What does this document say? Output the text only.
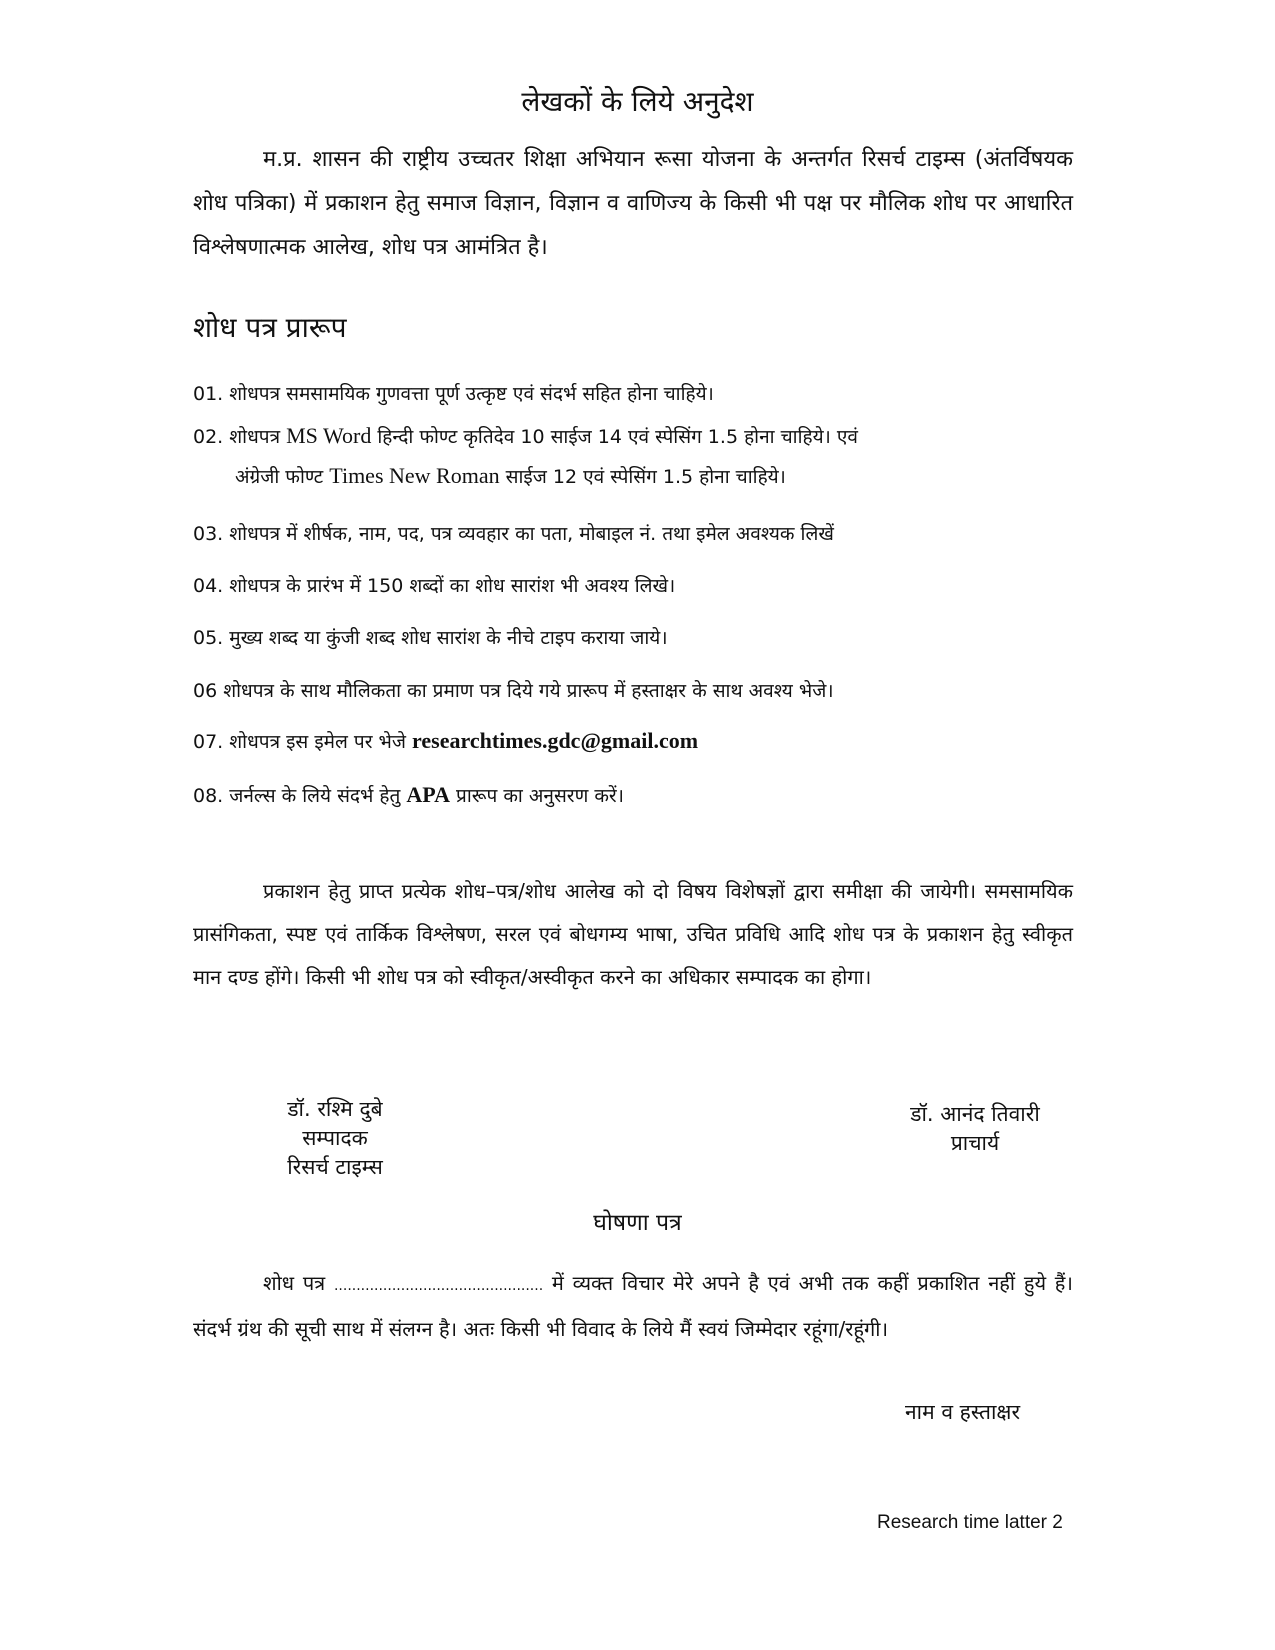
लेखकों के लिये अनुदेश
म.प्र. शासन की राष्ट्रीय उच्चतर शिक्षा अभियान रूसा योजना के अन्तर्गत रिसर्च टाइम्स (अंतर्विषयक शोध पत्रिका) में प्रकाशन हेतु समाज विज्ञान, विज्ञान व वाणिज्य के किसी भी पक्ष पर मौलिक शोध पर आधारित विश्लेषणात्मक आलेख, शोध पत्र आमंत्रित है।
शोध पत्र प्रारूप
01. शोधपत्र समसामयिक गुणवत्ता पूर्ण उत्कृष्ट एवं संदर्भ सहित होना चाहिये।
02. शोधपत्र MS Word हिन्दी फोण्ट कृतिदेव 10 साईज 14 एवं स्पेसिंग 1.5 होना चाहिये। एवं
अंग्रेजी फोण्ट Times New Roman साईज 12 एवं स्पेसिंग 1.5 होना चाहिये।
03. शोधपत्र में शीर्षक, नाम, पद, पत्र व्यवहार का पता, मोबाइल नं. तथा इमेल अवश्यक लिखें
04. शोधपत्र के प्रारंभ में 150 शब्दों का शोध सारांश भी अवश्य लिखे।
05. मुख्य शब्द या कुंजी शब्द शोध सारांश के नीचे टाइप कराया जाये।
06 शोधपत्र के साथ मौलिकता का प्रमाण पत्र दिये गये प्रारूप में हस्ताक्षर के साथ अवश्य भेजे।
07. शोधपत्र इस इमेल पर भेजे researchtimes.gdc@gmail.com
08. जर्नल्स के लिये संदर्भ हेतु APA प्रारूप का अनुसरण करें।
प्रकाशन हेतु प्राप्त प्रत्येक शोध–पत्र/शोध आलेख को दो विषय विशेषज्ञों द्वारा समीक्षा की जायेगी। समसामयिक प्रासंगिकता, स्पष्ट एवं तार्किक विश्लेषण, सरल एवं बोधगम्य भाषा, उचित प्रविधि आदि शोध पत्र के प्रकाशन हेतु स्वीकृत मान दण्ड होंगे। किसी भी शोध पत्र को स्वीकृत/अस्वीकृत करने का अधिकार सम्पादक का होगा।
डॉ. रश्मि दुबे
सम्पादक
रिसर्च टाइम्स
डॉ. आनंद तिवारी
प्राचार्य
घोषणा पत्र
शोध पत्र ............................................... में व्यक्त विचार मेरे अपने है एवं अभी तक कहीं प्रकाशित नहीं हुये हैं। संदर्भ ग्रंथ की सूची साथ में संलग्न है। अतः किसी भी विवाद के लिये मैं स्वयं जिम्मेदार रहूंगा/रहूंगी।
नाम व हस्ताक्षर
Research time latter 2
